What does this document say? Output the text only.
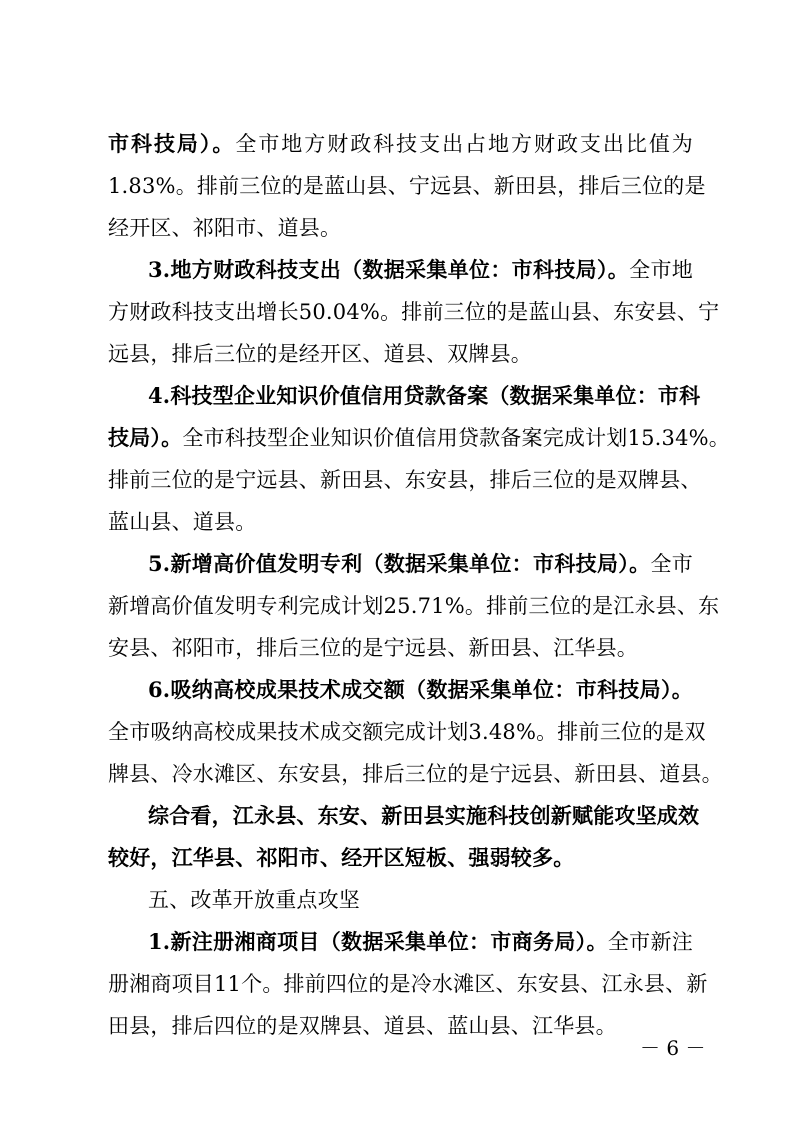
市科技局）。全市地方财政科技支出占地方财政支出比值为
1.83%。排前三位的是蓝山县、宁远县、新田县，排后三位的是
经开区、祁阳市、道县。
3.地方财政科技支出（数据采集单位：市科技局）。全市地
方财政科技支出增长50.04%。排前三位的是蓝山县、东安县、宁
远县，排后三位的是经开区、道县、双牌县。
4.科技型企业知识价值信用贷款备案（数据采集单位：市科
技局）。全市科技型企业知识价值信用贷款备案完成计划15.34%。
排前三位的是宁远县、新田县、东安县，排后三位的是双牌县、
蓝山县、道县。
5.新增高价值发明专利（数据采集单位：市科技局）。全市
新增高价值发明专利完成计划25.71%。排前三位的是江永县、东
安县、祁阳市，排后三位的是宁远县、新田县、江华县。
6.吸纳高校成果技术成交额（数据采集单位：市科技局）。
全市吸纳高校成果技术成交额完成计划3.48%。排前三位的是双
牌县、冷水滩区、东安县，排后三位的是宁远县、新田县、道县。
综合看，江永县、东安、新田县实施科技创新赋能攻坚成效
较好，江华县、祁阳市、经开区短板、强弱较多。
五、改革开放重点攻坚
1.新注册湘商项目（数据采集单位：市商务局）。全市新注
册湘商项目11个。排前四位的是冷水滩区、东安县、江永县、新
田县，排后四位的是双牌县、道县、蓝山县、江华县。
－ 6 －
